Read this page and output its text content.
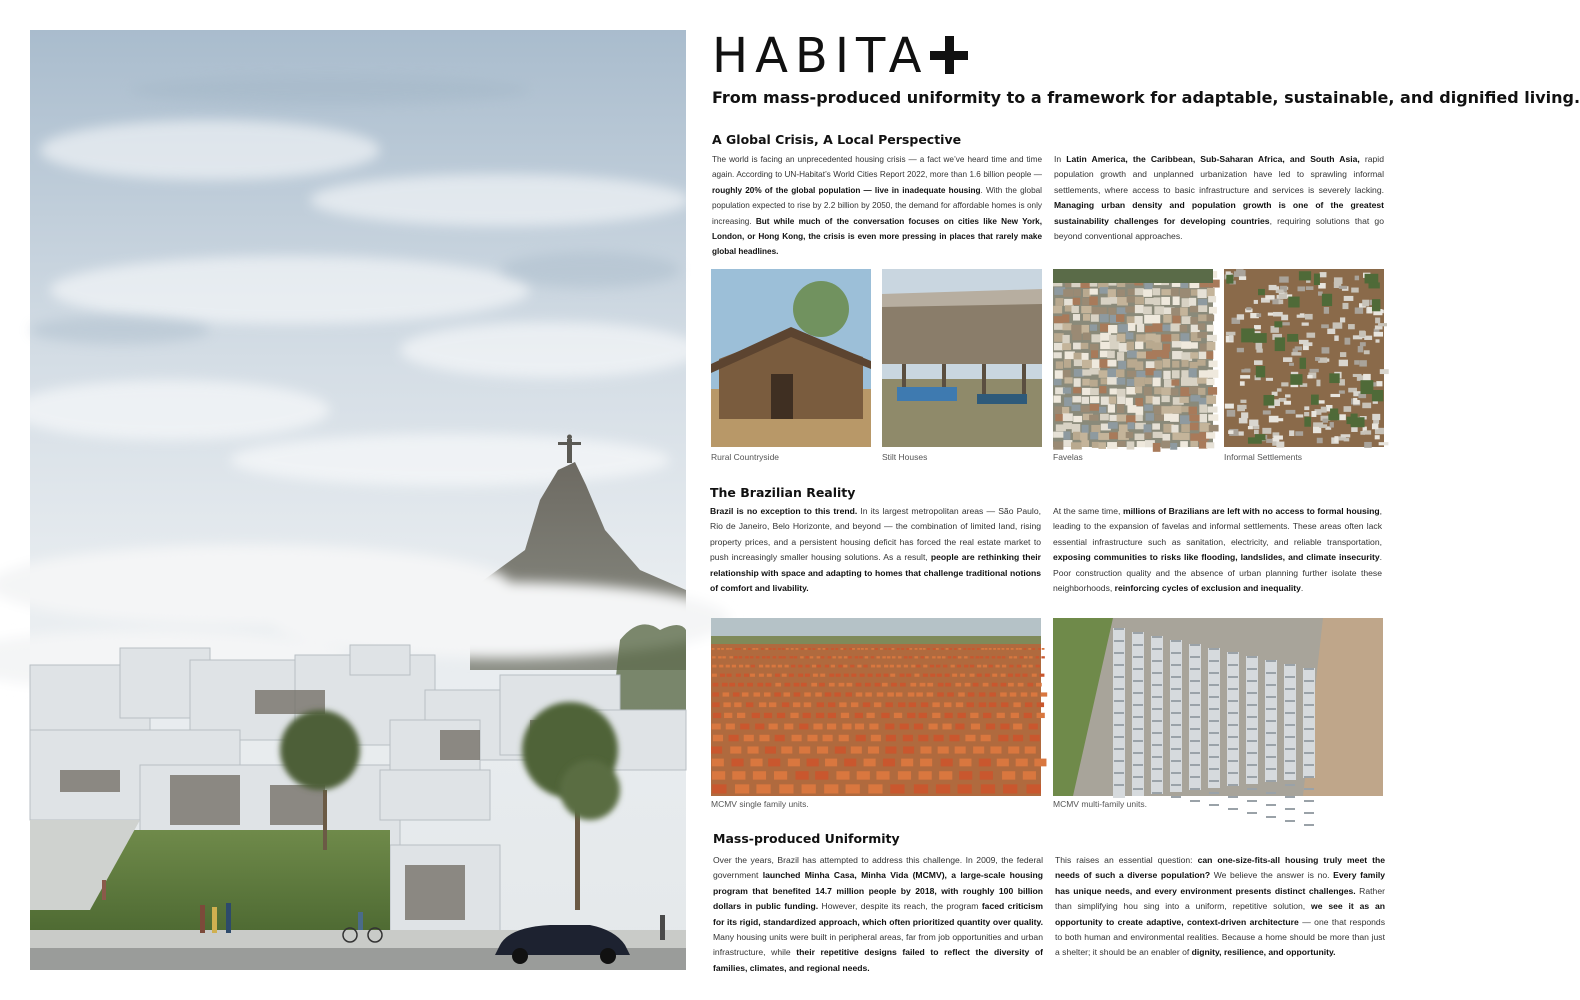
HABITA
From mass-produced uniformity to a framework for adaptable, sustainable, and dignified living.
A Global Crisis, A Local Perspective
The world is facing an unprecedented housing crisis — a fact we’ve heard time and time again. According to UN-Habitat’s World Cities Report 2022, more than 1.6 billion people — roughly 20% of the global population — live in inadequate housing. With the global population expected to rise by 2.2 billion by 2050, the demand for affordable homes is only increasing. But while much of the conversation focuses on cities like New York, London, or Hong Kong, the crisis is even more pressing in places that rarely make global headlines.
In Latin America, the Caribbean, Sub-Saharan Africa, and South Asia, rapid population growth and unplanned urbanization have led to sprawling informal settlements, where access to basic infrastructure and services is severely lacking. Managing urban density and population growth is one of the greatest sustainability challenges for developing countries, requiring solutions that go beyond conventional approaches.
Rural Countryside	Stilt Houses	Favelas	Informal Settlements
The Brazilian Reality
Brazil is no exception to this trend. In its largest metropolitan areas — São Paulo, Rio de Janeiro, Belo Horizonte, and beyond — the combination of limited land, rising property prices, and a persistent housing deficit has forced the real estate market to push increasingly smaller housing solutions. As a result, people are rethinking their relationship with space and adapting to homes that challenge traditional notions of comfort and livability.
At the same time, millions of Brazilians are left with no access to formal housing, leading to the expansion of favelas and informal settlements. These areas often lack essential infrastructure such as sanitation, electricity, and reliable transportation, exposing communities to risks like flooding, landslides, and climate insecurity. Poor construction quality and the absence of urban planning further isolate these neighborhoods, reinforcing cycles of exclusion and inequality.
MCMV single family units.	MCMV multi-family units.
Mass-produced Uniformity
Over the years, Brazil has attempted to address this challenge. In 2009, the federal government launched Minha Casa, Minha Vida (MCMV), a large-scale housing program that benefited 14.7 million people by 2018, with roughly 100 billion dollars in public funding. However, despite its reach, the program faced criticism for its rigid, standardized approach, which often prioritized quantity over quality. Many housing units were built in peripheral areas, far from job opportunities and urban infrastructure, while their repetitive designs failed to reflect the diversity of families, climates, and regional needs.
This raises an essential question: can one-size-fits-all housing truly meet the needs of such a diverse population? We believe the answer is no. Every family has unique needs, and every environment presents distinct challenges. Rather than simplifying hou sing into a uniform, repetitive solution, we see it as an opportunity to create adaptive, context-driven architecture — one that responds to both human and environmental realities. Because a home should be more than just a shelter; it should be an enabler of dignity, resilience, and opportunity.
